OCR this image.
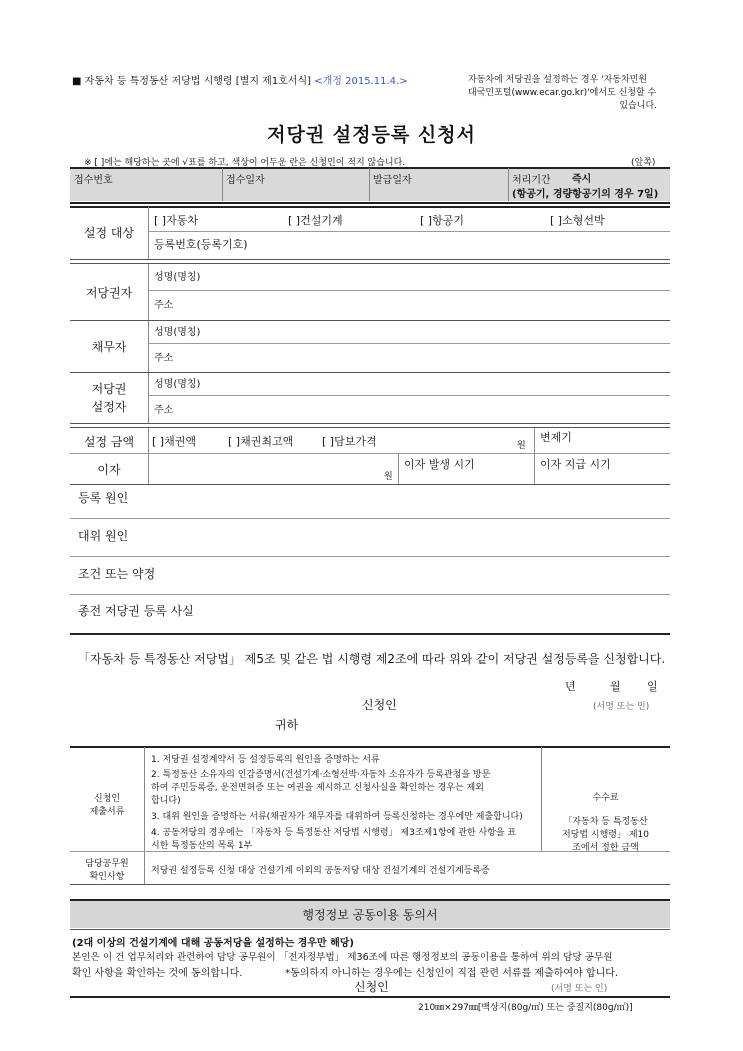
■ 자동차 등 특정동산 저당법 시행령 [별지 제1호서식] <개정 2015.11.4.>	자동차에 저당권을 설정하는 경우 '자동차민원
대국민포털(www.ecar.go.kr)'에서도 신청할 수
있습니다.
저당권 설정등록 신청서
※ [ ]에는 해당하는 곳에 √표를 하고, 색상이 어두운 란은 신청인이 적지 않습니다.	(앞쪽)
접수번호	접수일자	발급일자	처리기간 즉시
(항공기, 경량항공기의 경우 7일)
설정 대상
[ ]자동차	[ ]건설기계	[ ]항공기	[ ]소형선박
등록번호(등록기호)
저당권자
성명(명칭)
주소
채무자
성명(명칭)
주소
저당권
설정자
성명(명칭)
주소
설정 금액	[ ]채권액	[ ]채권최고액	[ ]담보가격	원
변제기
이자	원
이자 발생 시기	이자 지급 시기
등록 원인
대위 원인
조건 또는 약정
종전 저당권 등록 사실
「자동차 등 특정동산 저당법」 제5조 및 같은 법 시행령 제2조에 따라 위와 같이 저당권 설정등록을 신청합니다.
년	월 일
신청인	(서명 또는 인)
귀하
신청인
제출서류
1. 저당권 설정계약서 등 설정등록의 원인을 증명하는 서류
2. 특정동산 소유자의 인감증명서(건설기계·소형선박·자동차 소유자가 등록관청을 방문
하여 주민등록증, 운전면허증 또는 여권을 제시하고 신청사실을 확인하는 경우는 제외
합니다)
3. 대위 원인을 증명하는 서류(채권자가 채무자를 대위하여 등록신청하는 경우에만 제출합니다)
4. 공동저당의 경우에는 「자동차 등 특정동산 저당법 시행령」 제3조제1항에 관한 사항을 표
시한 특정동산의 목록 1부
수수료
「자동차 등 특정동산
저당법 시행령」 제10
조에서 정한 금액
담당공무원
확인사항
저당권 설정등록 신청 대상 건설기계 이외의 공동저당 대상 건설기계의 건설기계등록증
행정정보 공동이용 동의서
(2대 이상의 건설기계에 대해 공동저당을 설정하는 경우만 해당)
본인은 이 건 업무처리와 관련하여 담당 공무원이 「전자정부법」 제36조에 따른 행정정보의 공동이용을 통하여 위의 담당 공무원
확인 사항을 확인하는 것에 동의합니다.	*동의하지 아니하는 경우에는 신청인이 직접 관련 서류를 제출하여야 합니다.
신청인	(서명 또는 인)
210㎜×297㎜[백상지(80g/㎡) 또는 중질지(80g/㎡)]
